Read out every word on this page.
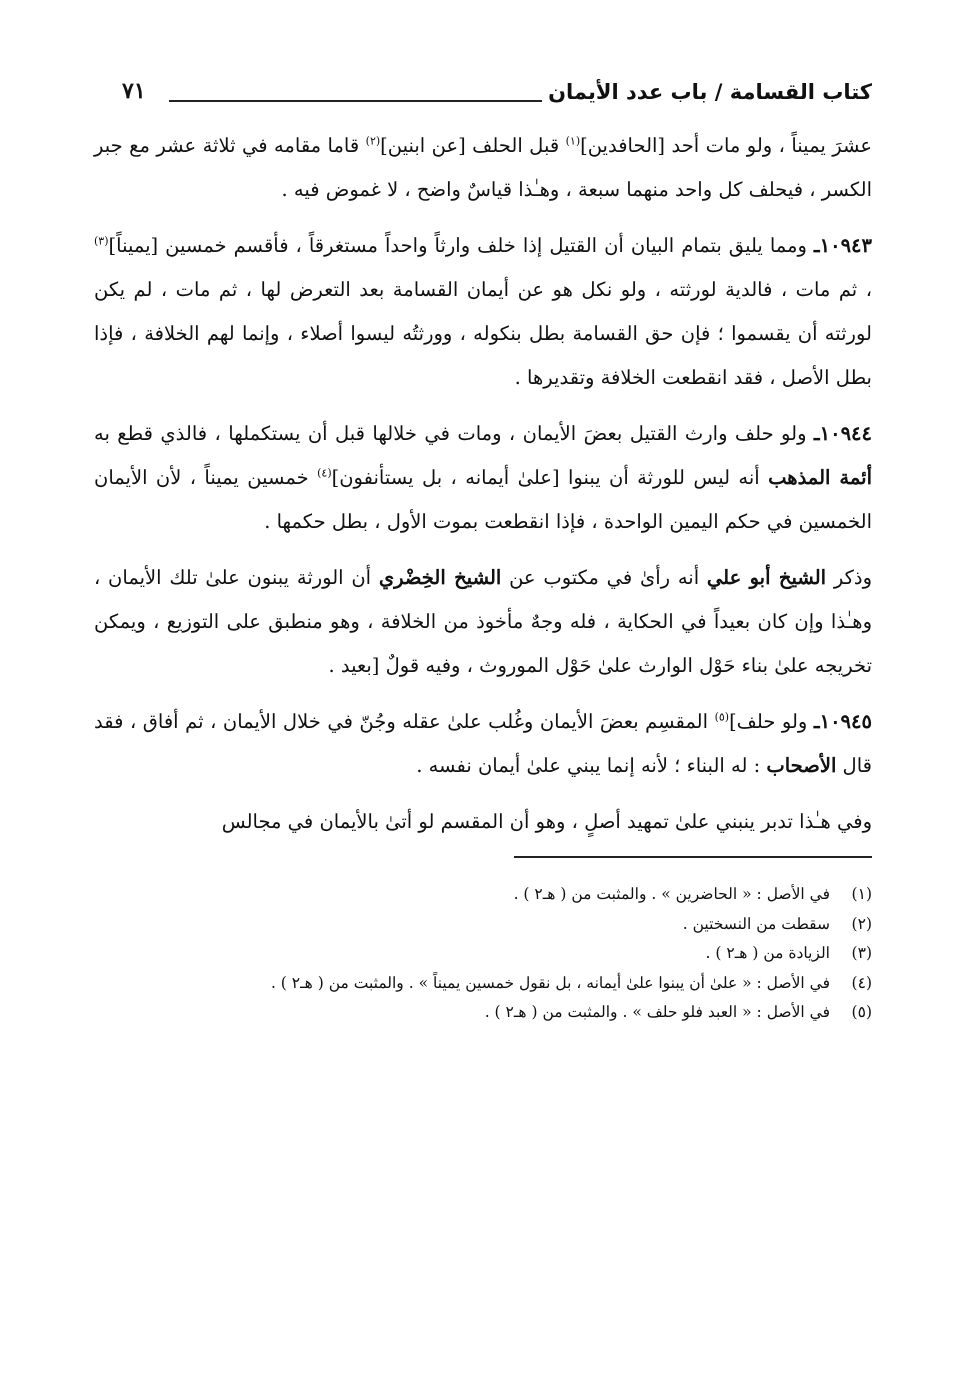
كتاب القسامة / باب عدد الأيمان
٧١

عشرَ يميناً ، ولو مات أحد [الحافدين]$^{(١)}$ قبل الحلف [عن ابنين]$^{(٢)}$ قاما مقامه في ثلاثة عشر مع جبر الكسر ، فيحلف كل واحد منهما سبعة ، وهـٰذا قياسٌ واضح ، لا غموض فيه .

١٠٩٤٣ـ ومما يليق بتمام البيان أن القتيل إذا خلف وارثاً واحداً مستغرقاً ، فأقسم خمسين [يميناً]$^{(٣)}$ ، ثم مات ، فالدية لورثته ، ولو نكل هو عن أيمان القسامة بعد التعرض لها ، ثم مات ، لم يكن لورثته أن يقسموا ؛ فإن حق القسامة بطل بنكوله ، وورثتُه ليسوا أصلاء ، وإنما لهم الخلافة ، فإذا بطل الأصل ، فقد انقطعت الخلافة وتقديرها .

١٠٩٤٤ـ ولو حلف وارث القتيل بعضَ الأيمان ، ومات في خلالها قبل أن يستكملها ، فالذي قطع به أئمة المذهب أنه ليس للورثة أن يبنوا [علىٰ أيمانه ، بل يستأنفون]$^{(٤)}$ خمسين يميناً ، لأن الأيمان الخمسين في حكم اليمين الواحدة ، فإذا انقطعت بموت الأول ، بطل حكمها .

وذكر الشيخ أبو علي أنه رأىٰ في مكتوب عن الشيخ الخِضْري أن الورثة يبنون علىٰ تلك الأيمان ، وهـٰذا وإن كان بعيداً في الحكاية ، فله وجهٌ مأخوذ من الخلافة ، وهو منطبق على التوزيع ، ويمكن تخريجه علىٰ بناء حَوْل الوارث علىٰ حَوْل الموروث ، وفيه قولٌ [بعيد .

١٠٩٤٥ـ ولو حلف]$^{(٥)}$ المقسِم بعضَ الأيمان وغُلب علىٰ عقله وجُنّ في خلال الأيمان ، ثم أفاق ، فقد قال الأصحاب : له البناء ؛ لأنه إنما يبني علىٰ أيمان نفسه .

وفي هـٰذا تدبر ينبني علىٰ تمهيد أصلٍ ، وهو أن المقسم لو أتىٰ بالأيمان في مجالس

(١)
في الأصل : « الحاضرين » . والمثبت من ( هـ٢ ) .
(٢)
سقطت من النسختين .
(٣)
الزيادة من ( هـ٢ ) .
(٤)
في الأصل : « علىٰ أن يبنوا علىٰ أيمانه ، بل نقول خمسين يميناً » . والمثبت من ( هـ٢ ) .
(٥)
في الأصل : « العبد فلو حلف » . والمثبت من ( هـ٢ ) .
